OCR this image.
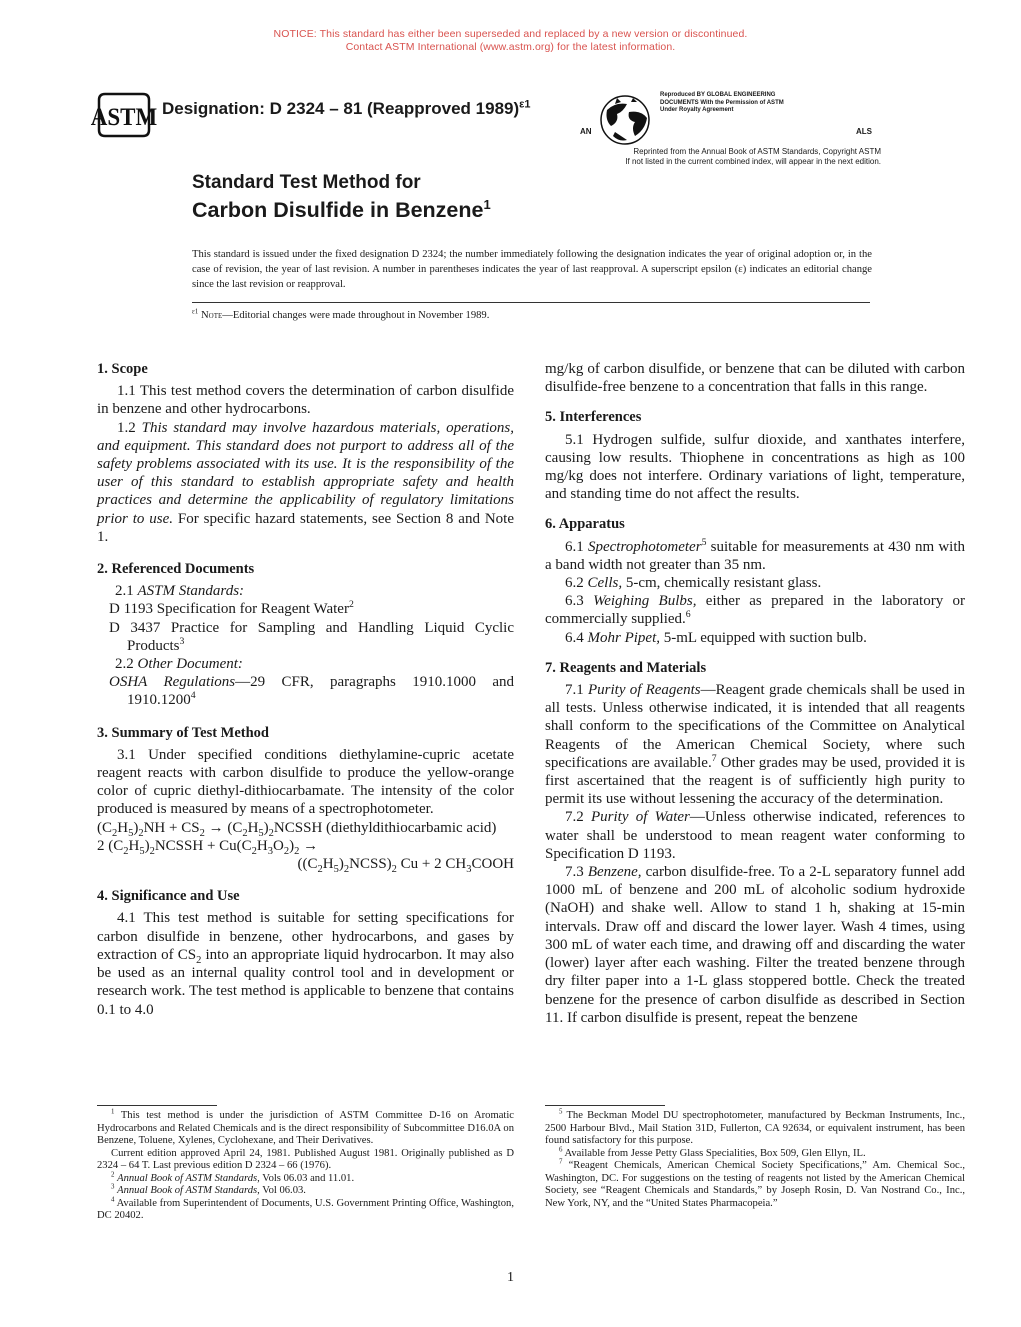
NOTICE: This standard has either been superseded and replaced by a new version or discontinued.
Contact ASTM International (www.astm.org) for the latest information.
ASTM Designation: D 2324 – 81 (Reapproved 1989)$^{\varepsilon 1}$
AN	ALS
Reproduced BY GLOBAL ENGINEERING
DOCUMENTS With the Permission of ASTM
Under Royalty Agreement
Reprinted from the Annual Book of ASTM Standards, Copyright ASTM
If not listed in the current combined index, will appear in the next edition.
Standard Test Method for
Carbon Disulfide in Benzene$^1$
This standard is issued under the fixed designation D 2324; the number immediately following the designation indicates the year of original adoption or, in the case of revision, the year of last revision. A number in parentheses indicates the year of last reapproval. A superscript epsilon (ε) indicates an editorial change since the last revision or reapproval.
$^{\varepsilon 1}$ Note—Editorial changes were made throughout in November 1989.
1. Scope

1.1 This test method covers the determination of carbon disulfide in benzene and other hydrocarbons.

1.2 This standard may involve hazardous materials, operations, and equipment. This standard does not purport to address all of the safety problems associated with its use. It is the responsibility of the user of this standard to establish appropriate safety and health practices and determine the applicability of regulatory limitations prior to use. For specific hazard statements, see Section 8 and Note 1.

2. Referenced Documents

2.1 ASTM Standards:

D 1193 Specification for Reagent Water$^2$

D 3437 Practice for Sampling and Handling Liquid Cyclic Products$^3$

2.2 Other Document:

OSHA Regulations—29 CFR, paragraphs 1910.1000 and 1910.1200$^4$

3. Summary of Test Method

3.1 Under specified conditions diethylamine-cupric acetate reagent reacts with carbon disulfide to produce the yellow-orange color of cupric diethyl-dithiocarbamate. The intensity of the color produced is measured by means of a spectrophotometer.

$(C_2H_5)_2NH + CS_2$ → $(C_2H_5)_2NCSSH$ (diethyldithiocarbamic acid)

2 $(C_2H_5)_2NCSSH + Cu(C_2H_3O_2)_2$ →

$((C_2H_5)_2NCSS)_2$ Cu + 2 $CH_3COOH$

4. Significance and Use

4.1 This test method is suitable for setting specifications for carbon disulfide in benzene, other hydrocarbons, and gases by extraction of $CS_2$ into an appropriate liquid hydrocarbon. It may also be used as an internal quality control tool and in development or research work. The test method is applicable to benzene that contains 0.1 to 4.0

mg/kg of carbon disulfide, or benzene that can be diluted with carbon disulfide-free benzene to a concentration that falls in this range.

5. Interferences

5.1 Hydrogen sulfide, sulfur dioxide, and xanthates interfere, causing low results. Thiophene in concentrations as high as 100 mg/kg does not interfere. Ordinary variations of light, temperature, and standing time do not affect the results.

6. Apparatus

6.1 Spectrophotometer$^5$ suitable for measurements at 430 nm with a band width not greater than 35 nm.

6.2 Cells, 5-cm, chemically resistant glass.

6.3 Weighing Bulbs, either as prepared in the laboratory or commercially supplied.$^6$

6.4 Mohr Pipet, 5-mL equipped with suction bulb.

7. Reagents and Materials

7.1 Purity of Reagents—Reagent grade chemicals shall be used in all tests. Unless otherwise indicated, it is intended that all reagents shall conform to the specifications of the Committee on Analytical Reagents of the American Chemical Society, where such specifications are available.$^7$ Other grades may be used, provided it is first ascertained that the reagent is of sufficiently high purity to permit its use without lessening the accuracy of the determination.

7.2 Purity of Water—Unless otherwise indicated, references to water shall be understood to mean reagent water conforming to Specification D 1193.

7.3 Benzene, carbon disulfide-free. To a 2-L separatory funnel add 1000 mL of benzene and 200 mL of alcoholic sodium hydroxide (NaOH) and shake well. Allow to stand 1 h, shaking at 15-min intervals. Draw off and discard the lower layer. Wash 4 times, using 300 mL of water each time, and drawing off and discarding the water (lower) layer after each washing. Filter the treated benzene through dry filter paper into a 1-L glass stoppered bottle. Check the treated benzene for the presence of carbon disulfide as described in Section 11. If carbon disulfide is present, repeat the benzene

$^1$ This test method is under the jurisdiction of ASTM Committee D-16 on Aromatic Hydrocarbons and Related Chemicals and is the direct responsibility of Subcommittee D16.0A on Benzene, Toluene, Xylenes, Cyclohexane, and Their Derivatives.

Current edition approved April 24, 1981. Published August 1981. Originally published as D 2324 – 64 T. Last previous edition D 2324 – 66 (1976).

$^2$ Annual Book of ASTM Standards, Vols 06.03 and 11.01.

$^3$ Annual Book of ASTM Standards, Vol 06.03.

$^4$ Available from Superintendent of Documents, U.S. Government Printing Office, Washington, DC 20402.

$^5$ The Beckman Model DU spectrophotometer, manufactured by Beckman Instruments, Inc., 2500 Harbour Blvd., Mail Station 31D, Fullerton, CA 92634, or equivalent instrument, has been found satisfactory for this purpose.

$^6$ Available from Jesse Petty Glass Specialities, Box 509, Glen Ellyn, IL.

$^7$ “Reagent Chemicals, American Chemical Society Specifications,” Am. Chemical Soc., Washington, DC. For suggestions on the testing of reagents not listed by the American Chemical Society, see “Reagent Chemicals and Standards,” by Joseph Rosin, D. Van Nostrand Co., Inc., New York, NY, and the “United States Pharmacopeia.”

1
